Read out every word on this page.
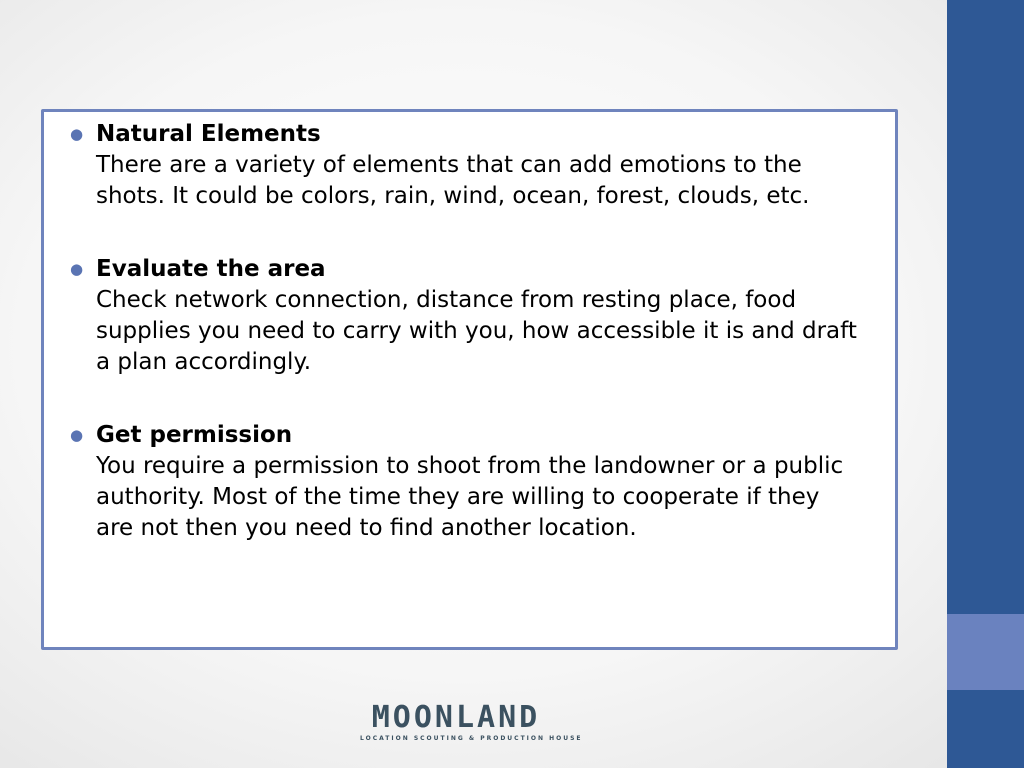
● Natural Elements
There are a variety of elements that can add emotions to the shots. It could be colors, rain, wind, ocean, forest, clouds, etc.
● Evaluate the area
Check network connection, distance from resting place, food supplies you need to carry with you, how accessible it is and draft a plan accordingly.
● Get permission
You require a permission to shoot from the landowner or a public authority. Most of the time they are willing to cooperate if they are not then you need to find another location.
MOONLAND
LOCATION SCOUTING & PRODUCTION HOUSE
